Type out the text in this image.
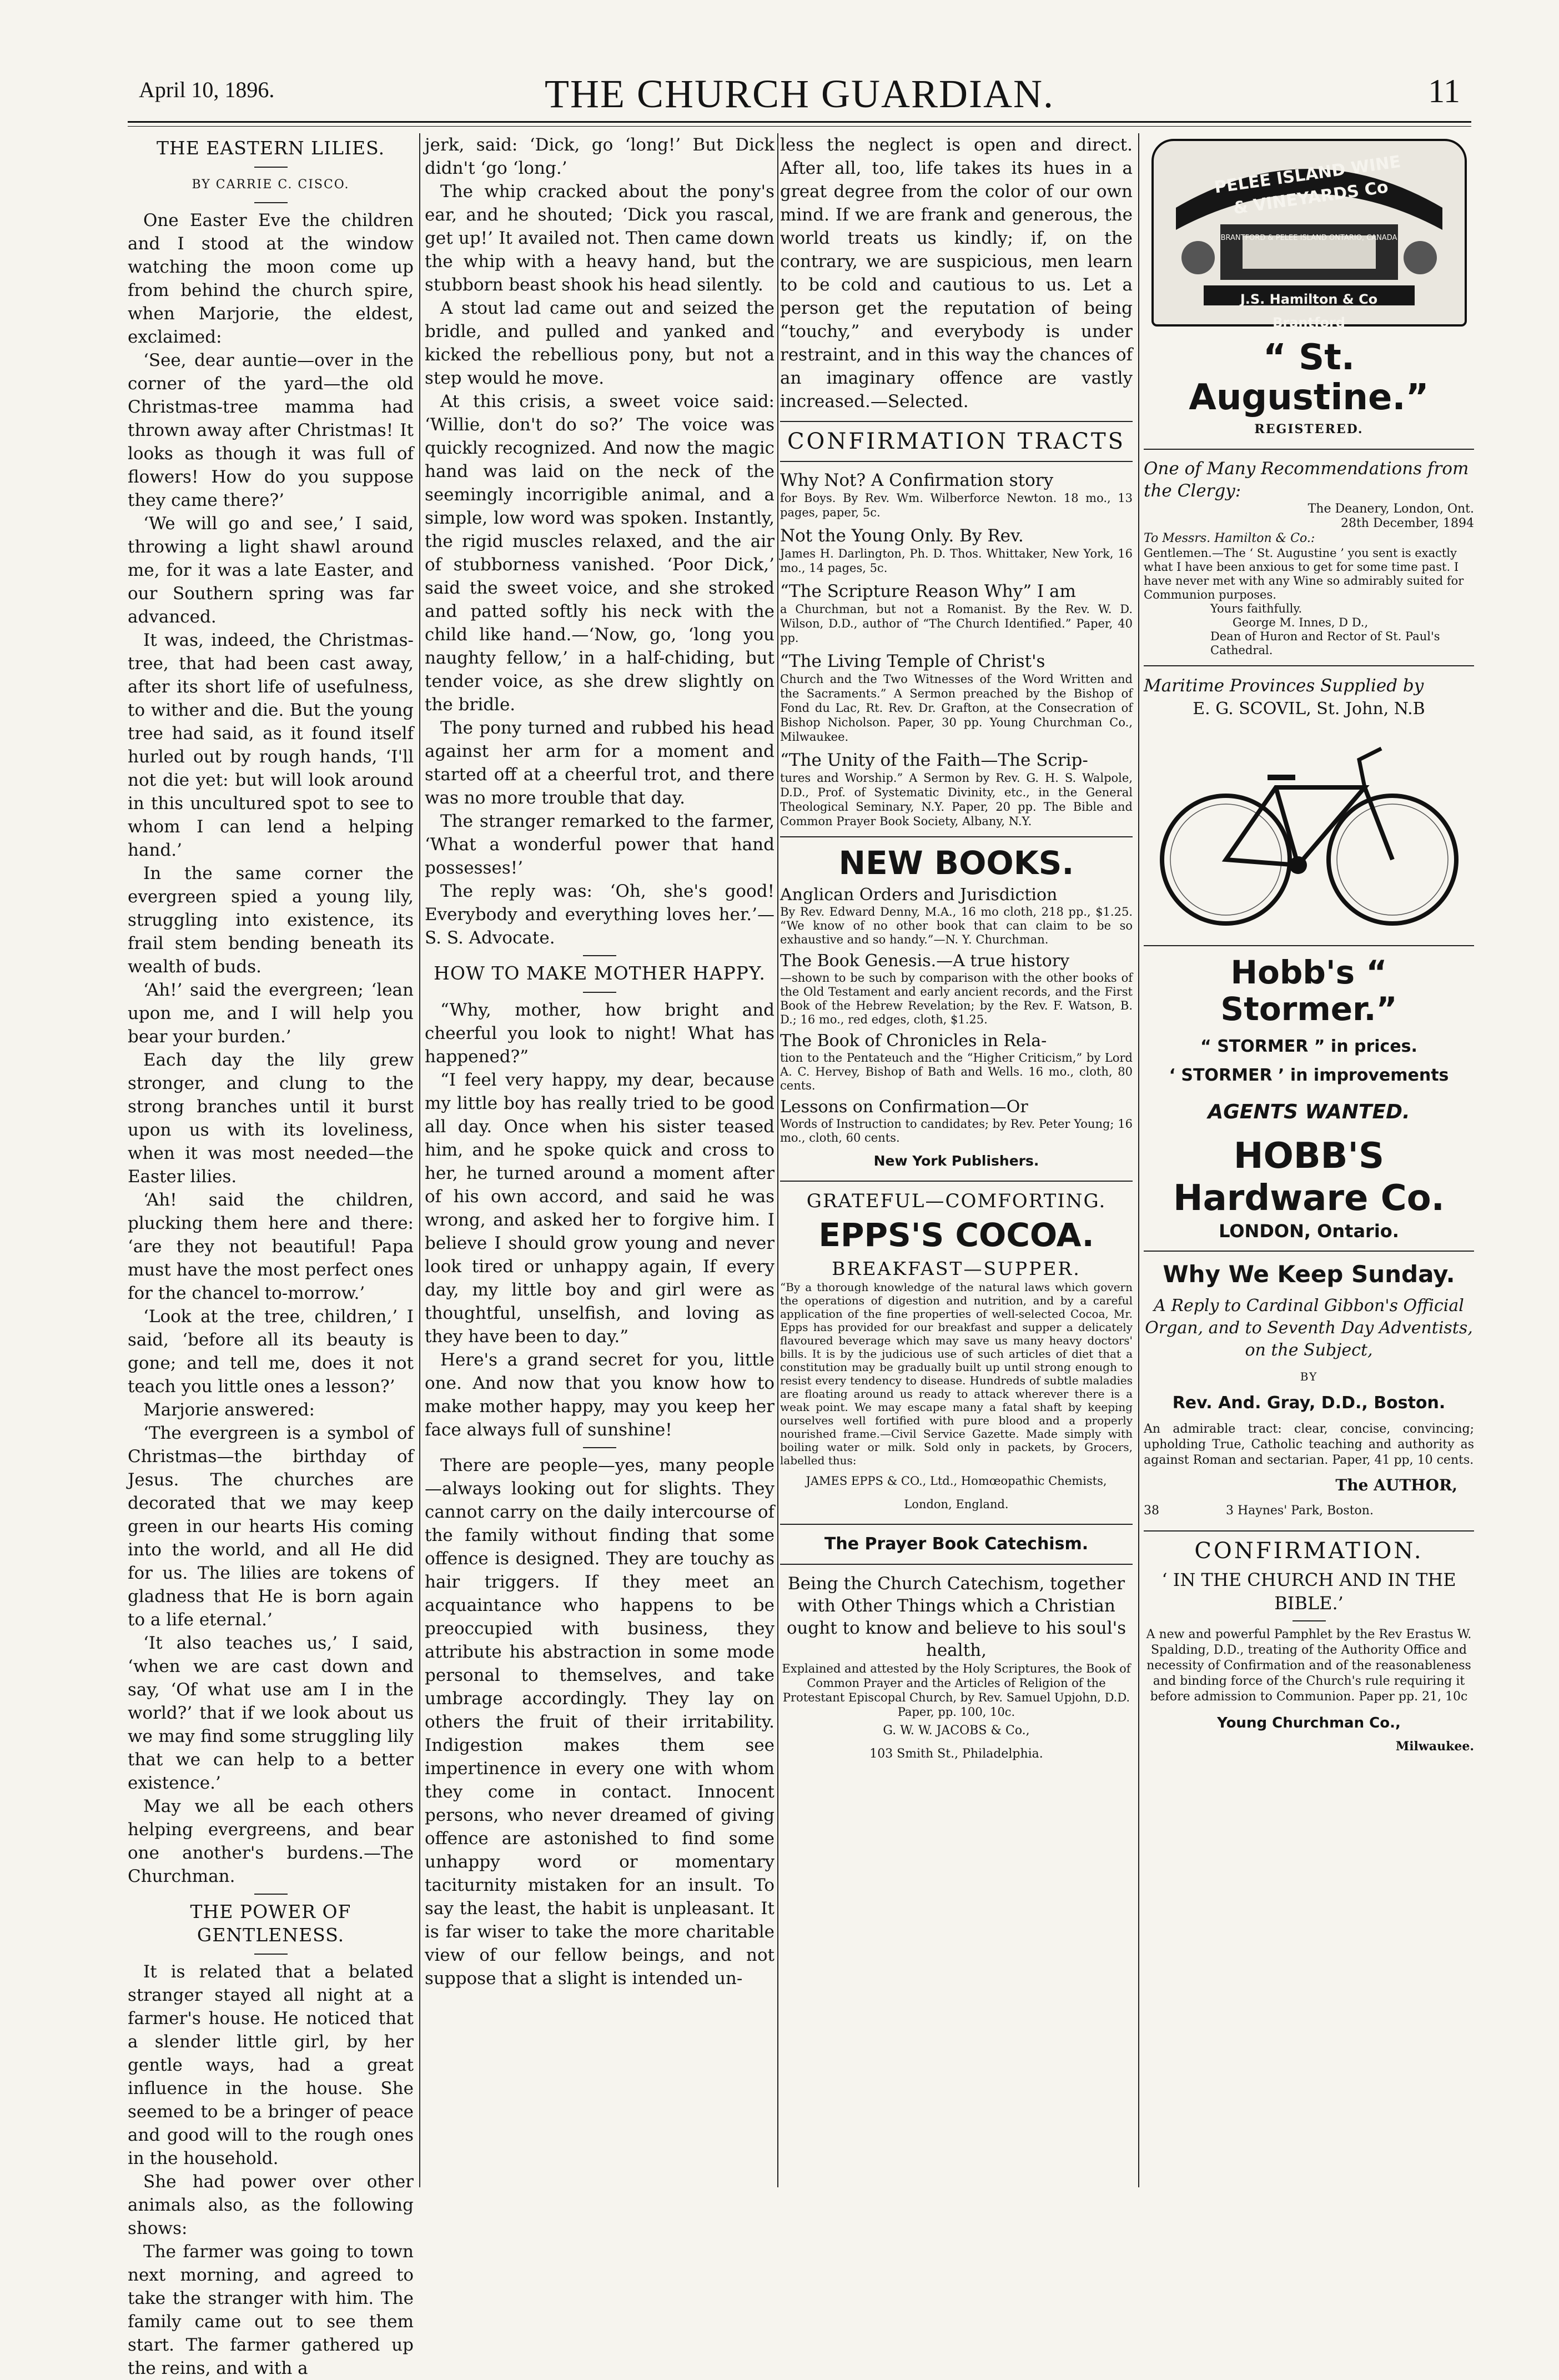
April 10, 1896.	THE CHURCH GUARDIAN.	11
THE EASTERN LILIES.
BY CARRIE C. CISCO.

One Easter Eve the children and I stood at the window watching the moon come up from behind the church spire, when Marjorie, the eldest, exclaimed:

‘See, dear auntie—over in the corner of the yard—the old Christmas-tree mamma had thrown away after Christmas! It looks as though it was full of flowers! How do you suppose they came there?’

‘We will go and see,’ I said, throwing a light shawl around me, for it was a late Easter, and our Southern spring was far advanced.

It was, indeed, the Christmas-tree, that had been cast away, after its short life of usefulness, to wither and die. But the young tree had said, as it found itself hurled out by rough hands, ‘I'll not die yet: but will look around in this uncultured spot to see to whom I can lend a helping hand.’

In the same corner the evergreen spied a young lily, struggling into existence, its frail stem bending beneath its wealth of buds.

‘Ah!’ said the evergreen; ‘lean upon me, and I will help you bear your burden.’

Each day the lily grew stronger, and clung to the strong branches until it burst upon us with its loveliness, when it was most needed—the Easter lilies.

‘Ah! said the children, plucking them here and there: ‘are they not beautiful! Papa must have the most perfect ones for the chancel to-morrow.’

‘Look at the tree, children,’ I said, ‘before all its beauty is gone; and tell me, does it not teach you little ones a lesson?’

Marjorie answered:

‘The evergreen is a symbol of Christmas—the birthday of Jesus. The churches are decorated that we may keep green in our hearts His coming into the world, and all He did for us. The lilies are tokens of gladness that He is born again to a life eternal.’

‘It also teaches us,’ I said, ‘when we are cast down and say, ‘Of what use am I in the world?’ that if we look about us we may find some struggling lily that we can help to a better existence.’

May we all be each others helping evergreens, and bear one another's burdens.—The Churchman.

THE POWER OF GENTLENESS.

It is related that a belated stranger stayed all night at a farmer's house. He noticed that a slender little girl, by her gentle ways, had a great influence in the house. She seemed to be a bringer of peace and good will to the rough ones in the household.

She had power over other animals also, as the following shows:

The farmer was going to town next morning, and agreed to take the stranger with him. The family came out to see them start. The farmer gathered up the reins, and with a

jerk, said: ‘Dick, go ‘long!’ But Dick didn't ‘go ‘long.’

The whip cracked about the pony's ear, and he shouted; ‘Dick you rascal, get up!’ It availed not. Then came down the whip with a heavy hand, but the stubborn beast shook his head silently.

A stout lad came out and seized the bridle, and pulled and yanked and kicked the rebellious pony, but not a step would he move.

At this crisis, a sweet voice said: ‘Willie, don't do so?’ The voice was quickly recognized. And now the magic hand was laid on the neck of the seemingly incorrigible animal, and a simple, low word was spoken. Instantly, the rigid muscles relaxed, and the air of stubborness vanished. ‘Poor Dick,’ said the sweet voice, and she stroked and patted softly his neck with the child like hand.—‘Now, go, ‘long you naughty fellow,’ in a half-chiding, but tender voice, as she drew slightly on the bridle.

The pony turned and rubbed his head against her arm for a moment and started off at a cheerful trot, and there was no more trouble that day.

The stranger remarked to the farmer, ‘What a wonderful power that hand possesses!’

The reply was: ‘Oh, she's good! Everybody and everything loves her.’—S. S. Advocate.

HOW TO MAKE MOTHER HAPPY.

“Why, mother, how bright and cheerful you look to night! What has happened?”

“I feel very happy, my dear, because my little boy has really tried to be good all day. Once when his sister teased him, and he spoke quick and cross to her, he turned around a moment after of his own accord, and said he was wrong, and asked her to forgive him. I believe I should grow young and never look tired or unhappy again, If every day, my little boy and girl were as thoughtful, unselfish, and loving as they have been to day.”

Here's a grand secret for you, little one. And now that you know how to make mother happy, may you keep her face always full of sunshine!

There are people—yes, many people—always looking out for slights. They cannot carry on the daily intercourse of the family without finding that some offence is designed. They are touchy as hair triggers. If they meet an acquaintance who happens to be preoccupied with business, they attribute his abstraction in some mode personal to themselves, and take umbrage accordingly. They lay on others the fruit of their irritability. Indigestion makes them see impertinence in every one with whom they come in contact. Innocent persons, who never dreamed of giving offence are astonished to find some unhappy word or momentary taciturnity mistaken for an insult. To say the least, the habit is unpleasant. It is far wiser to take the more charitable view of our fellow beings, and not suppose that a slight is intended un-

less the neglect is open and direct. After all, too, life takes its hues in a great degree from the color of our own mind. If we are frank and generous, the world treats us kindly; if, on the contrary, we are suspicious, men learn to be cold and cautious to us. Let a person get the reputation of being “touchy,” and everybody is under restraint, and in this way the chances of an imaginary offence are vastly increased.—Selected.

CONFIRMATION TRACTS
Why Not? A Confirmation story
for Boys. By Rev. Wm. Wilberforce Newton. 18 mo., 13 pages, paper, 5c.
Not the Young Only. By Rev.
James H. Darlington, Ph. D. Thos. Whittaker, New York, 16 mo., 14 pages, 5c.
“The Scripture Reason Why” I am
a Churchman, but not a Romanist. By the Rev. W. D. Wilson, D.D., author of “The Church Identified.” Paper, 40 pp.
“The Living Temple of Christ's
Church and the Two Witnesses of the Word Written and the Sacraments.” A Sermon preached by the Bishop of Fond du Lac, Rt. Rev. Dr. Grafton, at the Consecration of Bishop Nicholson. Paper, 30 pp. Young Churchman Co., Milwaukee.
“The Unity of the Faith—The Scrip-
tures and Worship.” A Sermon by Rev. G. H. S. Walpole, D.D., Prof. of Systematic Divinity, etc., in the General Theological Seminary, N.Y. Paper, 20 pp. The Bible and Common Prayer Book Society, Albany, N.Y.
NEW BOOKS.
Anglican Orders and Jurisdiction
By Rev. Edward Denny, M.A., 16 mo cloth, 218 pp., $1.25. “We know of no other book that can claim to be so exhaustive and so handy.”—N. Y. Churchman.
The Book Genesis.—A true history
—shown to be such by comparison with the other books of the Old Testament and early ancient records, and the First Book of the Hebrew Revelation; by the Rev. F. Watson, B. D.; 16 mo., red edges, cloth, $1.25.
The Book of Chronicles in Rela-
tion to the Pentateuch and the “Higher Criticism,” by Lord A. C. Hervey, Bishop of Bath and Wells. 16 mo., cloth, 80 cents.
Lessons on Confirmation—Or
Words of Instruction to candidates; by Rev. Peter Young; 16 mo., cloth, 60 cents.
New York Publishers.
GRATEFUL—COMFORTING.
EPPS'S COCOA.
BREAKFAST—SUPPER.
“By a thorough knowledge of the natural laws which govern the operations of digestion and nutrition, and by a careful application of the fine properties of well-selected Cocoa, Mr. Epps has provided for our breakfast and supper a delicately flavoured beverage which may save us many heavy doctors' bills. It is by the judicious use of such articles of diet that a constitution may be gradually built up until strong enough to resist every tendency to disease. Hundreds of subtle maladies are floating around us ready to attack wherever there is a weak point. We may escape many a fatal shaft by keeping ourselves well fortified with pure blood and a properly nourished frame.—Civil Service Gazette. Made simply with boiling water or milk. Sold only in packets, by Grocers, labelled thus:
JAMES EPPS & CO., Ltd., Homœopathic Chemists, London, England.
The Prayer Book Catechism.
Being the Church Catechism, together with Other Things which a Christian ought to know and believe to his soul's health,
Explained and attested by the Holy Scriptures, the Book of Common Prayer and the Articles of Religion of the Protestant Episcopal Church, by Rev. Samuel Upjohn, D.D. Paper, pp. 100, 10c.
G. W. W. JACOBS & Co.,
103 Smith St., Philadelphia.
PELEE ISLAND WINE & VINEYARDS Co
BRANTFORD & PELEE ISLAND ONTARIO, CANADA
J.S. Hamilton & Co Brantford
“ St. Augustine.”
REGISTERED.
One of Many Recommendations from the Clergy:
The Deanery, London, Ont.
28th December, 1894
To Messrs. Hamilton & Co.:
Gentlemen.—The ‘ St. Augustine ’ you sent is exactly what I have been anxious to get for some time past. I have never met with any Wine so admirably suited for Communion purposes.
Yours faithfully.
George M. Innes, D D.,
Dean of Huron and Rector of St. Paul's Cathedral.
Maritime Provinces Supplied by
E. G. SCOVIL, St. John, N.B
Hobb's “ Stormer.”
“ STORMER ” in prices.
‘ STORMER ’ in improvements
AGENTS WANTED.
HOBB'S Hardware Co.
LONDON, Ontario.
Why We Keep Sunday.
A Reply to Cardinal Gibbon's Official Organ, and to Seventh Day Adventists, on the Subject,
BY
Rev. And. Gray, D.D., Boston.
An admirable tract: clear, concise, convincing; upholding True, Catholic teaching and authority as against Roman and sectarian. Paper, 41 pp, 10 cents.
The AUTHOR,
38	3 Haynes' Park, Boston.
CONFIRMATION.
‘ IN THE CHURCH AND IN THE BIBLE.’
A new and powerful Pamphlet by the Rev Erastus W. Spalding, D.D., treating of the Authority Office and necessity of Confirmation and of the reasonableness and binding force of the Church's rule requiring it before admission to Communion. Paper pp. 21, 10c
Young Churchman Co.,
Milwaukee.
